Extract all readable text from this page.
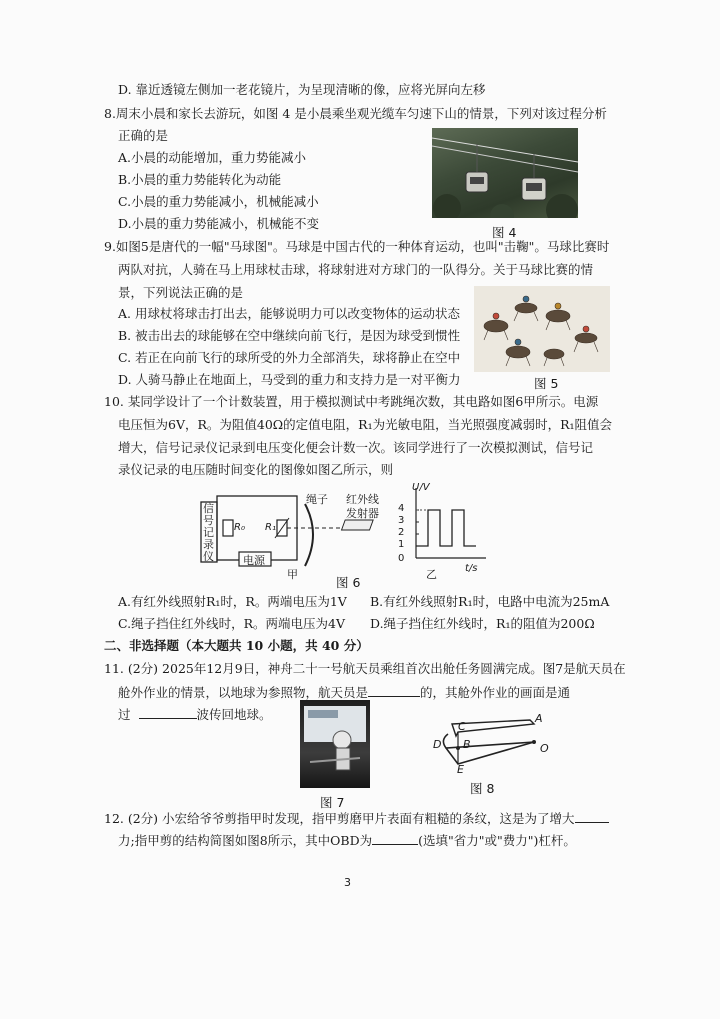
D. 靠近透镜左侧加一老花镜片，为呈现清晰的像，应将光屏向左移
8.周末小晨和家长去游玩，如图 4 是小晨乘坐观光缆车匀速下山的情景，下列对该过程分析
正确的是
A.小晨的动能增加，重力势能减小
B.小晨的重力势能转化为动能
C.小晨的重力势能减小，机械能减小
D.小晨的重力势能减小，机械能不变
图 4
9.如图5是唐代的一幅"马球图"。马球是中国古代的一种体育运动，也叫"击鞠"。马球比赛时
两队对抗，人骑在马上用球杖击球，将球射进对方球门的一队得分。关于马球比赛的情
景，下列说法正确的是
A. 用球杖将球击打出去，能够说明力可以改变物体的运动状态
B. 被击出去的球能够在空中继续向前飞行，是因为球受到惯性
C. 若正在向前飞行的球所受的外力全部消失，球将静止在空中
D. 人骑马静止在地面上，马受到的重力和支持力是一对平衡力	图 5
10. 某同学设计了一个计数装置，用于模拟测试中考跳绳次数，其电路如图6甲所示。电源
电压恒为6V，R。为阻值40Ω的定值电阻，R₁为光敏电阻，当光照强度减弱时，R₁阻值会
增大，信号记录仪记录到电压变化便会计数一次。该同学进行了一次模拟测试，信号记
录仪记录的电压随时间变化的图像如图乙所示，则
信号记录仪
R₀ R₁
电源
绳子 红外线
发射器
甲
U/V
t/s
0
4
3
2
1
乙
图 6
A.有红外线照射R₁时，R。两端电压为1V B.有红外线照射R₁时，电路中电流为25mA
C.绳子挡住红外线时，R。两端电压为4V D.绳子挡住红外线时，R₁的阻值为200Ω
二、非选择题（本大题共 10 小题，共 40 分）
11. (2分) 2025年12月9日，神舟二十一号航天员乘组首次出舱任务圆满完成。图7是航天员在
舱外作业的情景，以地球为参照物，航天员是	的，其舱外作业的画面是通
过	波传回地球。
图 7
A
C
D B	O
E
图 8
12. (2分) 小宏给爷爷剪指甲时发现，指甲剪磨甲片表面有粗糙的条纹，这是为了增大
力;指甲剪的结构简图如图8所示，其中OBD为	(选填"省力"或"费力")杠杆。
3
